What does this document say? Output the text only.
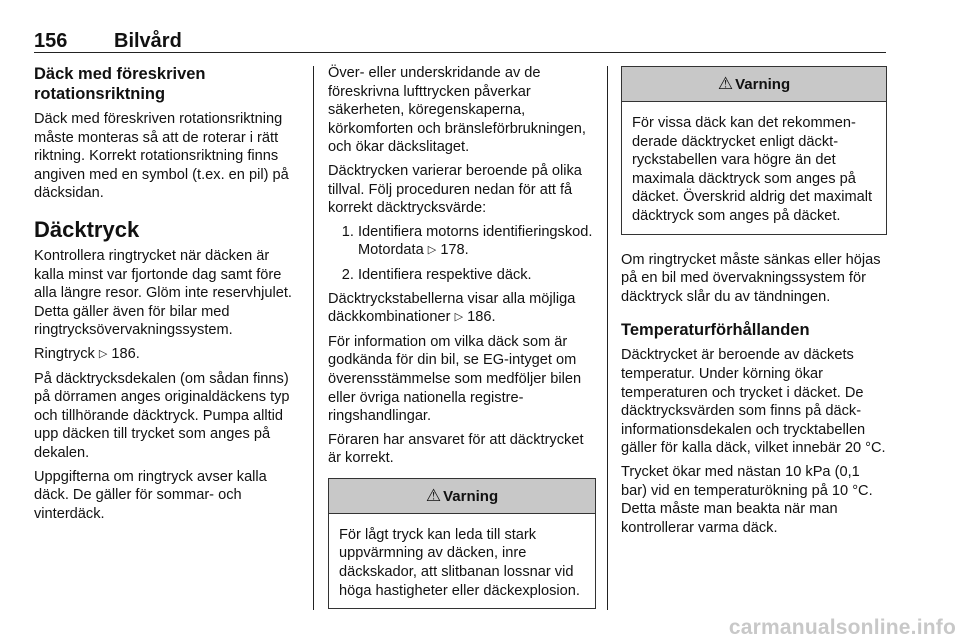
156 Bilvård
Däck med föreskriven rotationsriktning

Däck med föreskriven rotationsriktning måste monteras så att de roterar i rätt riktning. Korrekt rotationsriktning finns angiven med en symbol (t.ex. en pil) på däcksidan.

Däcktryck

Kontrollera ringtrycket när däcken är kalla minst var fjortonde dag samt före alla längre resor. Glöm inte reservhjulet. Detta gäller även för bilar med ringtrycksövervakningssystem.

Ringtryck ▷ 186.

På däcktrycksdekalen (om sådan finns) på dörramen anges originaldäckens typ och tillhörande däcktryck. Pumpa alltid upp däcken till trycket som anges på dekalen.

Uppgifterna om ringtryck avser kalla däck. De gäller för sommar- och vinterdäck.

Över- eller underskridande av de föreskrivna lufttrycken påverkar säkerheten, köregenskaperna, körkomforten och bränsleförbrukningen, och ökar däckslitaget.

Däcktrycken varierar beroende på olika tillval. Följ proceduren nedan för att få korrekt däcktrycksvärde:

1. Identifiera motorns identifieringskod. Motordata ▷ 178.
2. Identifiera respektive däck.

Däcktryckstabellerna visar alla möjliga däckkombinationer ▷ 186.

För information om vilka däck som är godkända för din bil, se EG-intyget om överensstämmelse som medföljer bilen eller övriga nationella registreringshandlingar.

Föraren har ansvaret för att däcktrycket är korrekt.

⚠ Varning

För lågt tryck kan leda till stark uppvärmning av däcken, inre däckskador, att slitbanan lossnar vid höga hastigheter eller däckexplosion.

⚠ Varning

För vissa däck kan det rekommenderade däcktrycket enligt däcktryckstabellen vara högre än det maximala däcktryck som anges på däcket. Överskrid aldrig det maximalt däcktryck som anges på däcket.

Om ringtrycket måste sänkas eller höjas på en bil med övervakningssystem för däcktryck slår du av tändningen.

Temperaturförhållanden

Däcktrycket är beroende av däckets temperatur. Under körning ökar temperaturen och trycket i däcket. De däcktrycksvärden som finns på däckinformationsdekalen och trycktabellen gäller för kalla däck, vilket innebär 20 °C.

Trycket ökar med nästan 10 kPa (0,1 bar) vid en temperaturökning på 10 °C. Detta måste man beakta när man kontrollerar varma däck.

carmanualsonline.info
